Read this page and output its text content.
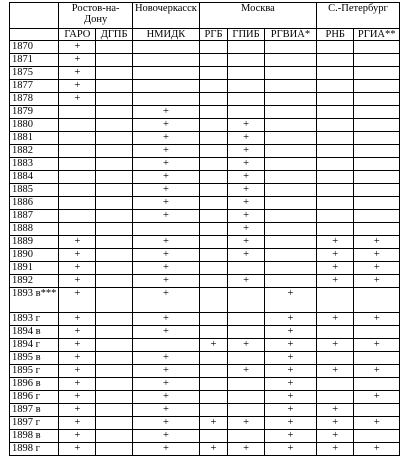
	Ростов-на-Дону		Новочеркасск	Москва			С.-Петербург	
	ГАРО	ДГПБ	НМИДК	РГБ	ГПИБ	РГВИА*	РНБ	РГИА**
1870	+							
1871	+							
1875	+							
1877	+							
1878	+							
1879			+					
1880			+		+			
1881			+		+			
1882			+		+			
1883			+		+			
1884			+		+			
1885			+		+			
1886			+		+			
1887			+		+			
1888					+			
1889	+		+		+		+	+
1890	+		+		+		+	+
1891	+		+				+	+
1892	+		+		+		+	+
1893 в***	+		+			+		
1893 г	+		+			+	+	+
1894 в	+		+			+		
1894 г	+			+	+	+	+	+
1895 в	+		+			+		
1895 г	+		+		+	+	+	+
1896 в	+		+			+		
1896 г	+		+			+		+
1897 в	+		+			+	+	
1897 г	+		+	+	+	+	+	+
1898 в	+		+			+	+	
1898 г	+		+	+	+	+	+	+
